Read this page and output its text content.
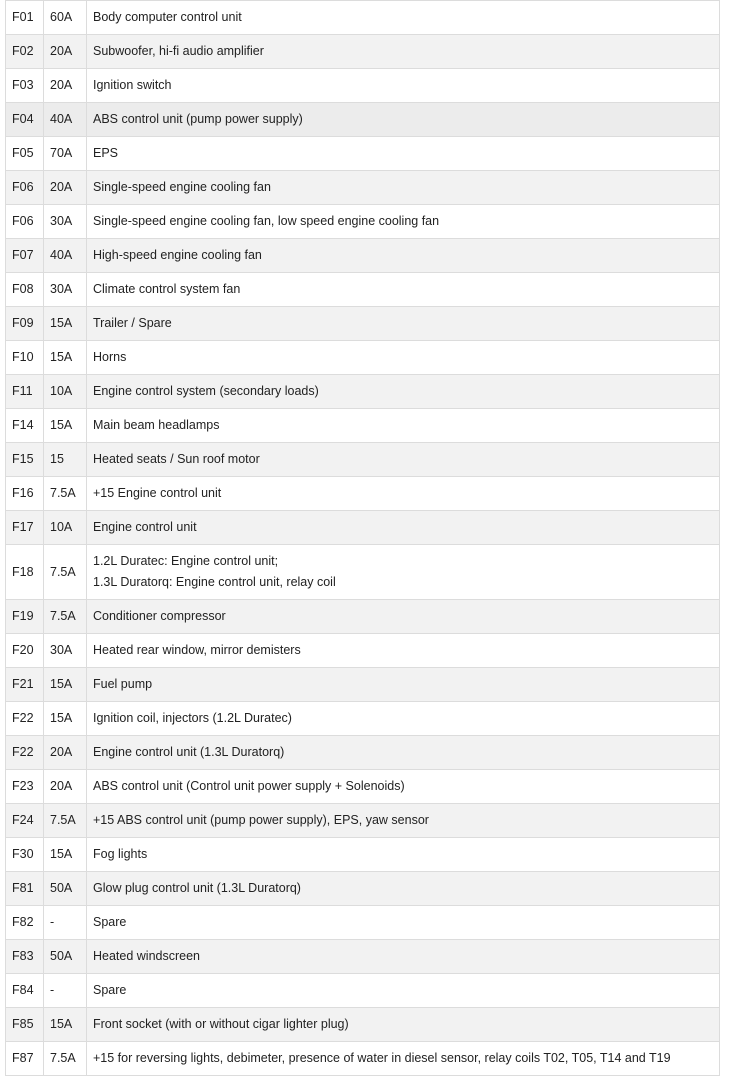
F01	60A	Body computer control unit

F02	20A	Subwoofer, hi-fi audio amplifier

F03	20A	Ignition switch

F04	40A	ABS control unit (pump power supply)

F05	70A	EPS

F06	20A	Single-speed engine cooling fan

F06	30A	Single-speed engine cooling fan, low speed engine cooling fan

F07	40A	High-speed engine cooling fan

F08	30A	Climate control system fan

F09	15A	Trailer / Spare

F10	15A	Horns

F11	10A	Engine control system (secondary loads)

F14	15A	Main beam headlamps

F15	15	Heated seats / Sun roof motor

F16	7.5A	+15 Engine control unit

F17	10A	Engine control unit

F18	7.5A	1.2L Duratec: Engine control unit;
1.3L Duratorq: Engine control unit, relay coil

F19	7.5A	Conditioner compressor

F20	30A	Heated rear window, mirror demisters

F21	15A	Fuel pump

F22	15A	Ignition coil, injectors (1.2L Duratec)

F22	20A	Engine control unit (1.3L Duratorq)

F23	20A	ABS control unit (Control unit power supply + Solenoids)

F24	7.5A	+15 ABS control unit (pump power supply), EPS, yaw sensor

F30	15A	Fog lights

F81	50A	Glow plug control unit (1.3L Duratorq)

F82	-	Spare

F83	50A	Heated windscreen

F84	-	Spare

F85	15A	Front socket (with or without cigar lighter plug)

F87	7.5A	+15 for reversing lights, debimeter, presence of water in diesel sensor, relay coils T02, T05, T14 and T19
